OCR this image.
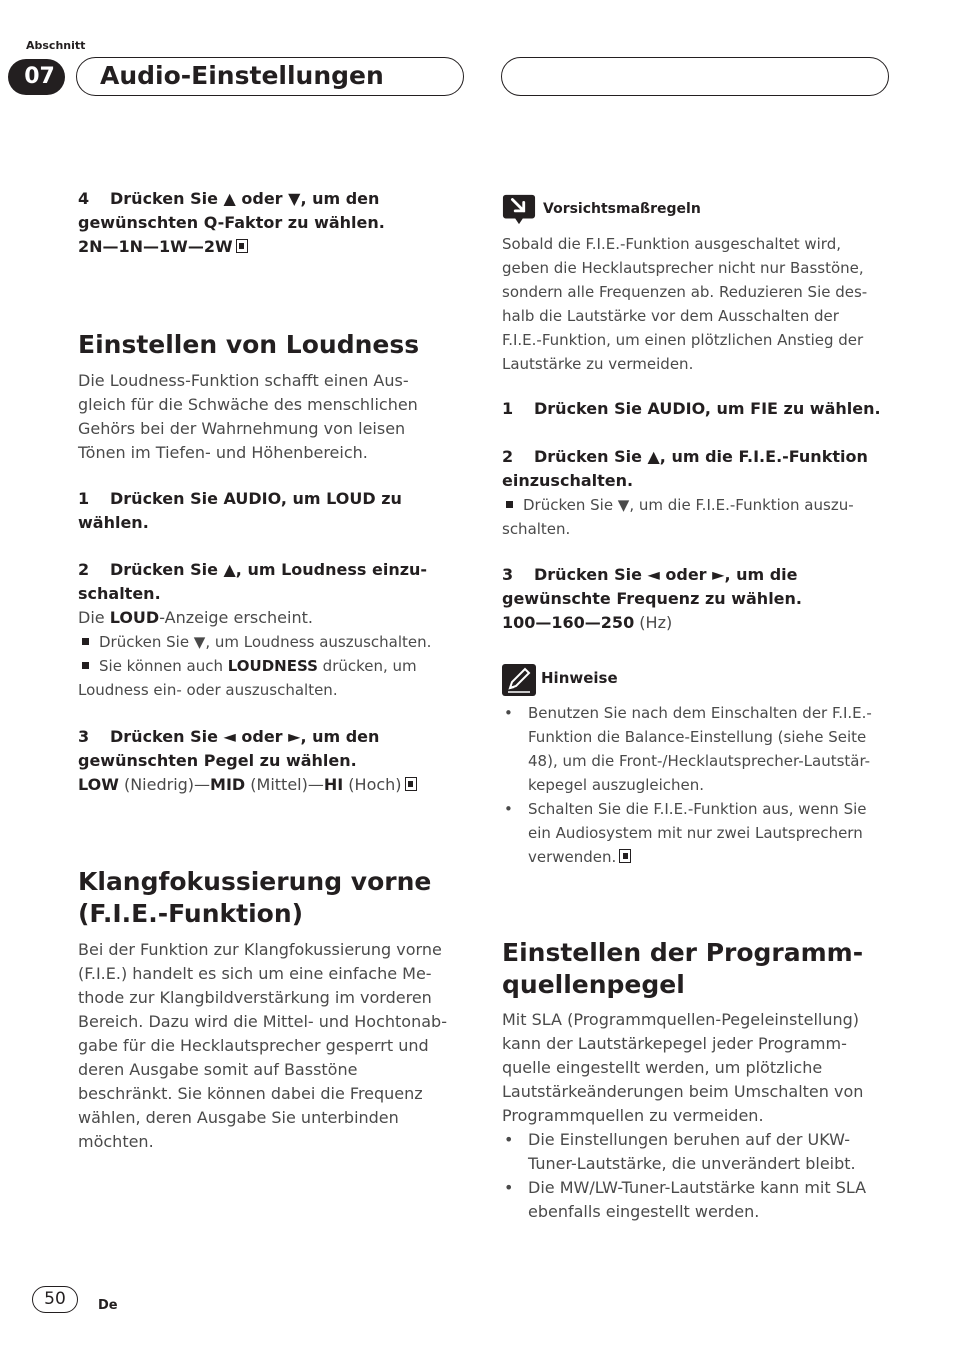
Abschnitt
07	Audio-Einstellungen
4 Drücken Sie ▲ oder ▼, um den
gewünschten Q-Faktor zu wählen.
2N—1N—1W—2W
Einstellen von Loudness
Die Loudness-Funktion schafft einen Aus-
gleich für die Schwäche des menschlichen
Gehörs bei der Wahrnehmung von leisen
Tönen im Tiefen- und Höhenbereich.
1 Drücken Sie AUDIO, um LOUD zu
wählen.
2 Drücken Sie ▲, um Loudness einzu-
schalten.
Die LOUD-Anzeige erscheint.
Drücken Sie ▼, um Loudness auszuschalten.
Sie können auch LOUDNESS drücken, um
Loudness ein- oder auszuschalten.
3 Drücken Sie ◄ oder ►, um den
gewünschten Pegel zu wählen.
LOW (Niedrig)—MID (Mittel)—HI (Hoch)
Klangfokussierung vorne
(F.I.E.-Funktion)
Bei der Funktion zur Klangfokussierung vorne
(F.I.E.) handelt es sich um eine einfache Me-
thode zur Klangbildverstärkung im vorderen
Bereich. Dazu wird die Mittel- und Hochtonab-
gabe für die Hecklautsprecher gesperrt und
deren Ausgabe somit auf Basstöne
beschränkt. Sie können dabei die Frequenz
wählen, deren Ausgabe Sie unterbinden
möchten.
Vorsichtsmaßregeln
Sobald die F.I.E.-Funktion ausgeschaltet wird,
geben die Hecklautsprecher nicht nur Basstöne,
sondern alle Frequenzen ab. Reduzieren Sie des-
halb die Lautstärke vor dem Ausschalten der
F.I.E.-Funktion, um einen plötzlichen Anstieg der
Lautstärke zu vermeiden.
1 Drücken Sie AUDIO, um FIE zu wählen.
2 Drücken Sie ▲, um die F.I.E.-Funktion
einzuschalten.
Drücken Sie ▼, um die F.I.E.-Funktion auszu-
schalten.
3 Drücken Sie ◄ oder ►, um die
gewünschte Frequenz zu wählen.
100—160—250 (Hz)
Hinweise
• Benutzen Sie nach dem Einschalten der F.I.E.-
Funktion die Balance-Einstellung (siehe Seite
48), um die Front-/Hecklautsprecher-Lautstär-
kepegel auszugleichen.
• Schalten Sie die F.I.E.-Funktion aus, wenn Sie
ein Audiosystem mit nur zwei Lautsprechern
verwenden.
Einstellen der Programm-
quellenpegel
Mit SLA (Programmquellen-Pegeleinstellung)
kann der Lautstärkepegel jeder Programm-
quelle eingestellt werden, um plötzliche
Lautstärkeänderungen beim Umschalten von
Programmquellen zu vermeiden.
• Die Einstellungen beruhen auf der UKW-
Tuner-Lautstärke, die unverändert bleibt.
• Die MW/LW-Tuner-Lautstärke kann mit SLA
ebenfalls eingestellt werden.
50	De
